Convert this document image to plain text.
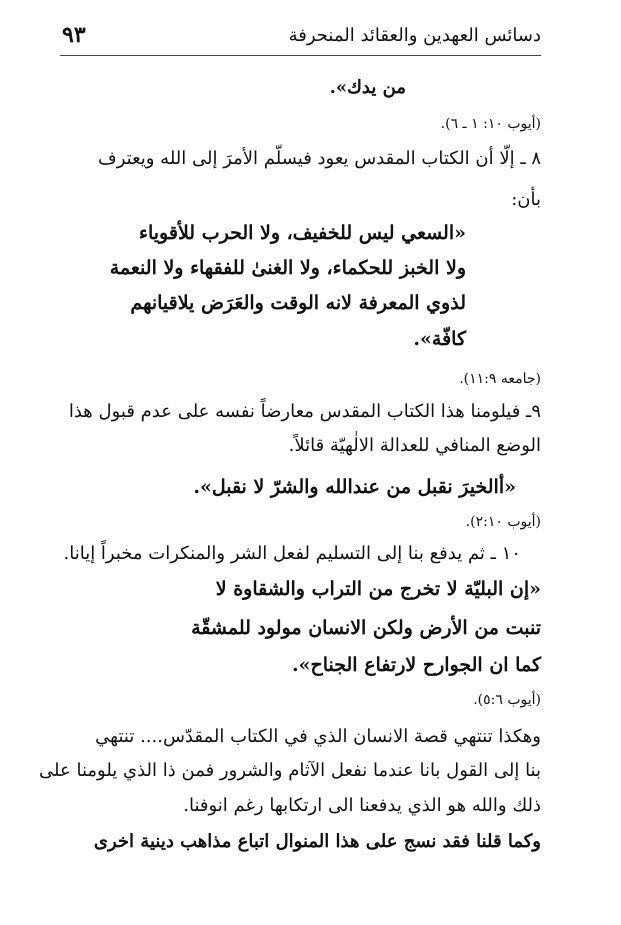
دسائس العهدين والعقائد المنحرفة
٩٣
من يدك».
(أيوب ١٠: ١ ـ ٦).
٨ ـ إلّا أن الكتاب المقدس يعود فيسلّم الأمرَ إلى الله ويعترف
بأن:
«السعي ليس للخفيف، ولا الحرب للأقوياء
ولا الخبز للحكماء، ولا الغنىٰ للفقهاء ولا النعمة
لذوي المعرفة لانه الوقت والعَرَض يلاقيانهم
كافّة».
(جامعه ١١:٩).
٩ـ فيلومنا هذا الكتاب المقدس معارضاً نفسه على عدم قبول هذا
الوضع المنافي للعدالة الالٰهيّة قائلاً.
«أالخيرَ نقبل من عندالله والشرّ لا نقبل».
(أيوب ٢:١٠).
١٠ ـ ثم يدفع بنا إلى التسليم لفعل الشر والمنكرات مخبراً إيانا.
«إن البليّة لا تخرج من التراب والشقاوة لا
تنبت من الأرض ولكن الانسان مولود للمشقّة
كما ان الجوارح لارتفاع الجناح».
(أيوب ٥:٦).
وهكذا تنتهي قصة الانسان الذي في الكتاب المقدّس.... تنتهي
بنا إلى القول بانا عندما نفعل الآثام والشرور فمن ذا الذي يلومنا على
ذلك والله هو الذي يدفعنا الى ارتكابها رغم انوفنا.
وكما قلنا فقد نسج على هذا المنوال اتباع مذاهب دينية اخرى
